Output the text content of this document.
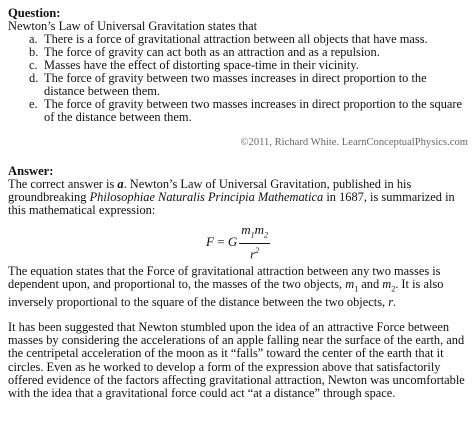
Question:

Newton’s Law of Universal Gravitation states that

a. There is a force of gravitational attraction between all objects that have mass.
b. The force of gravity can act both as an attraction and as a repulsion.
c. Masses have the effect of distorting space-time in their vicinity.
d. The force of gravity between two masses increases in direct proportion to the distance between them.
e. The force of gravity between two masses increases in direct proportion to the square of the distance between them.
©2011, Richard White. LearnConceptualPhysics.com

Answer:

The correct answer is a. Newton’s Law of Universal Gravitation, published in his groundbreaking Philosophiae Naturalis Principia Mathematica in 1687, is summarized in this mathematical expression:

F = G $\frac{m_1m_2}{r^2}$

The equation states that the Force of gravitational attraction between any two masses is dependent upon, and proportional to, the masses of the two objects, $m_1$ and $m_2$. It is also inversely proportional to the square of the distance between the two objects, r.

It has been suggested that Newton stumbled upon the idea of an attractive Force between masses by considering the accelerations of an apple falling near the surface of the earth, and the centripetal acceleration of the moon as it “falls” toward the center of the earth that it circles. Even as he worked to develop a form of the expression above that satisfactorily offered evidence of the factors affecting gravitational attraction, Newton was uncomfortable with the idea that a gravitational force could act “at a distance” through space.
